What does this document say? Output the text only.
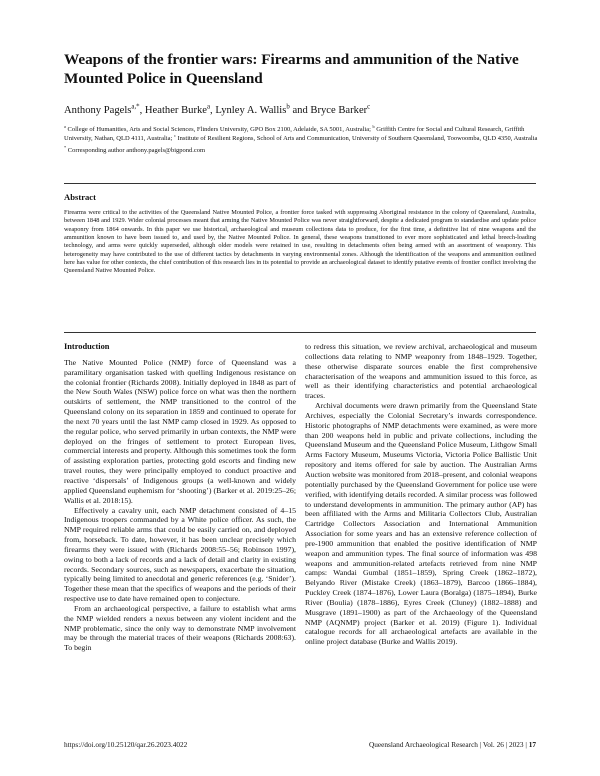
Weapons of the frontier wars: Firearms and ammunition of the Native Mounted Police in Queensland

Anthony Pagels$^{a,*}$, Heather Burke$^a$, Lynley A. Wallis$^b$ and Bryce Barker$^c$

$^a$ College of Humanities, Arts and Social Sciences, Flinders University, GPO Box 2100, Adelaide, SA 5001, Australia; $^b$ Griffith Centre for Social and Cultural Research, Griffith University, Nathan, QLD 4111, Australia; $^c$ Institute of Resilient Regions, School of Arts and Communication, University of Southern Queensland, Toowoomba, QLD 4350, Australia

* Corresponding author anthony.pagels@bigpond.com

Abstract

Firearms were critical to the activities of the Queensland Native Mounted Police, a frontier force tasked with suppressing Aboriginal resistance in the colony of Queensland, Australia, between 1848 and 1929. Wider colonial processes meant that arming the Native Mounted Police was never straightforward, despite a dedicated program to standardise and update police weaponry from 1864 onwards. In this paper we use historical, archaeological and museum collections data to produce, for the first time, a definitive list of nine weapons and the ammunition known to have been issued to, and used by, the Native Mounted Police. In general, these weapons transitioned to ever more sophisticated and lethal breech-loading technology, and arms were quickly superseded, although older models were retained in use, resulting in detachments often being armed with an assortment of weaponry. This heterogeneity may have contributed to the use of different tactics by detachments in varying environmental zones. Although the identification of the weapons and ammunition outlined here has value for other contexts, the chief contribution of this research lies in its potential to provide an archaeological dataset to identify putative events of frontier conflict involving the Queensland Native Mounted Police.

Introduction

The Native Mounted Police (NMP) force of Queensland was a paramilitary organisation tasked with quelling Indigenous resistance on the colonial frontier (Richards 2008). Initially deployed in 1848 as part of the New South Wales (NSW) police force on what was then the northern outskirts of settlement, the NMP transitioned to the control of the Queensland colony on its separation in 1859 and continued to operate for the next 70 years until the last NMP camp closed in 1929. As opposed to the regular police, who served primarily in urban contexts, the NMP were deployed on the fringes of settlement to protect European lives, commercial interests and property. Although this sometimes took the form of assisting exploration parties, protecting gold escorts and finding new travel routes, they were principally employed to conduct proactive and reactive ‘dispersals’ of Indigenous groups (a well-known and widely applied Queensland euphemism for ‘shooting’) (Barker et al. 2019:25–26; Wallis et al. 2018:15).

Effectively a cavalry unit, each NMP detachment consisted of 4–15 Indigenous troopers commanded by a White police officer. As such, the NMP required reliable arms that could be easily carried on, and deployed from, horseback. To date, however, it has been unclear precisely which firearms they were issued with (Richards 2008:55–56; Robinson 1997), owing to both a lack of records and a lack of detail and clarity in existing records. Secondary sources, such as newspapers, exacerbate the situation, typically being limited to anecdotal and generic references (e.g. ‘Snider’). Together these mean that the specifics of weapons and the periods of their respective use to date have remained open to conjecture.

From an archaeological perspective, a failure to establish what arms the NMP wielded renders a nexus between any violent incident and the NMP problematic, since the only way to demonstrate NMP involvement may be through the material traces of their weapons (Richards 2008:63). To begin

to redress this situation, we review archival, archaeological and museum collections data relating to NMP weaponry from 1848–1929. Together, these otherwise disparate sources enable the first comprehensive characterisation of the weapons and ammunition issued to this force, as well as their identifying characteristics and potential archaeological traces.

Archival documents were drawn primarily from the Queensland State Archives, especially the Colonial Secretary’s inwards correspondence. Historic photographs of NMP detachments were examined, as were more than 200 weapons held in public and private collections, including the Queensland Museum and the Queensland Police Museum, Lithgow Small Arms Factory Museum, Museums Victoria, Victoria Police Ballistic Unit repository and items offered for sale by auction. The Australian Arms Auction website was monitored from 2018–present, and colonial weapons potentially purchased by the Queensland Government for police use were verified, with identifying details recorded. A similar process was followed to understand developments in ammunition. The primary author (AP) has been affiliated with the Arms and Militaria Collectors Club, Australian Cartridge Collectors Association and International Ammunition Association for some years and has an extensive reference collection of pre-1900 ammunition that enabled the positive identification of NMP weapon and ammunition types. The final source of information was 498 weapons and ammunition-related artefacts retrieved from nine NMP camps: Wandai Gumbal (1851–1859), Spring Creek (1862–1872), Belyando River (Mistake Creek) (1863–1879), Barcoo (1866–1884), Puckley Creek (1874–1876), Lower Laura (Boralga) (1875–1894), Burke River (Boulia) (1878–1886), Eyres Creek (Cluney) (1882–1888) and Musgrave (1891–1900) as part of the Archaeology of the Queensland NMP (AQNMP) project (Barker et al. 2019) (Figure 1). Individual catalogue records for all archaeological artefacts are available in the online project database (Burke and Wallis 2019).

https://doi.org/10.25120/qar.26.2023.4022	Queensland Archaeological Research | Vol. 26 | 2023 | 17
